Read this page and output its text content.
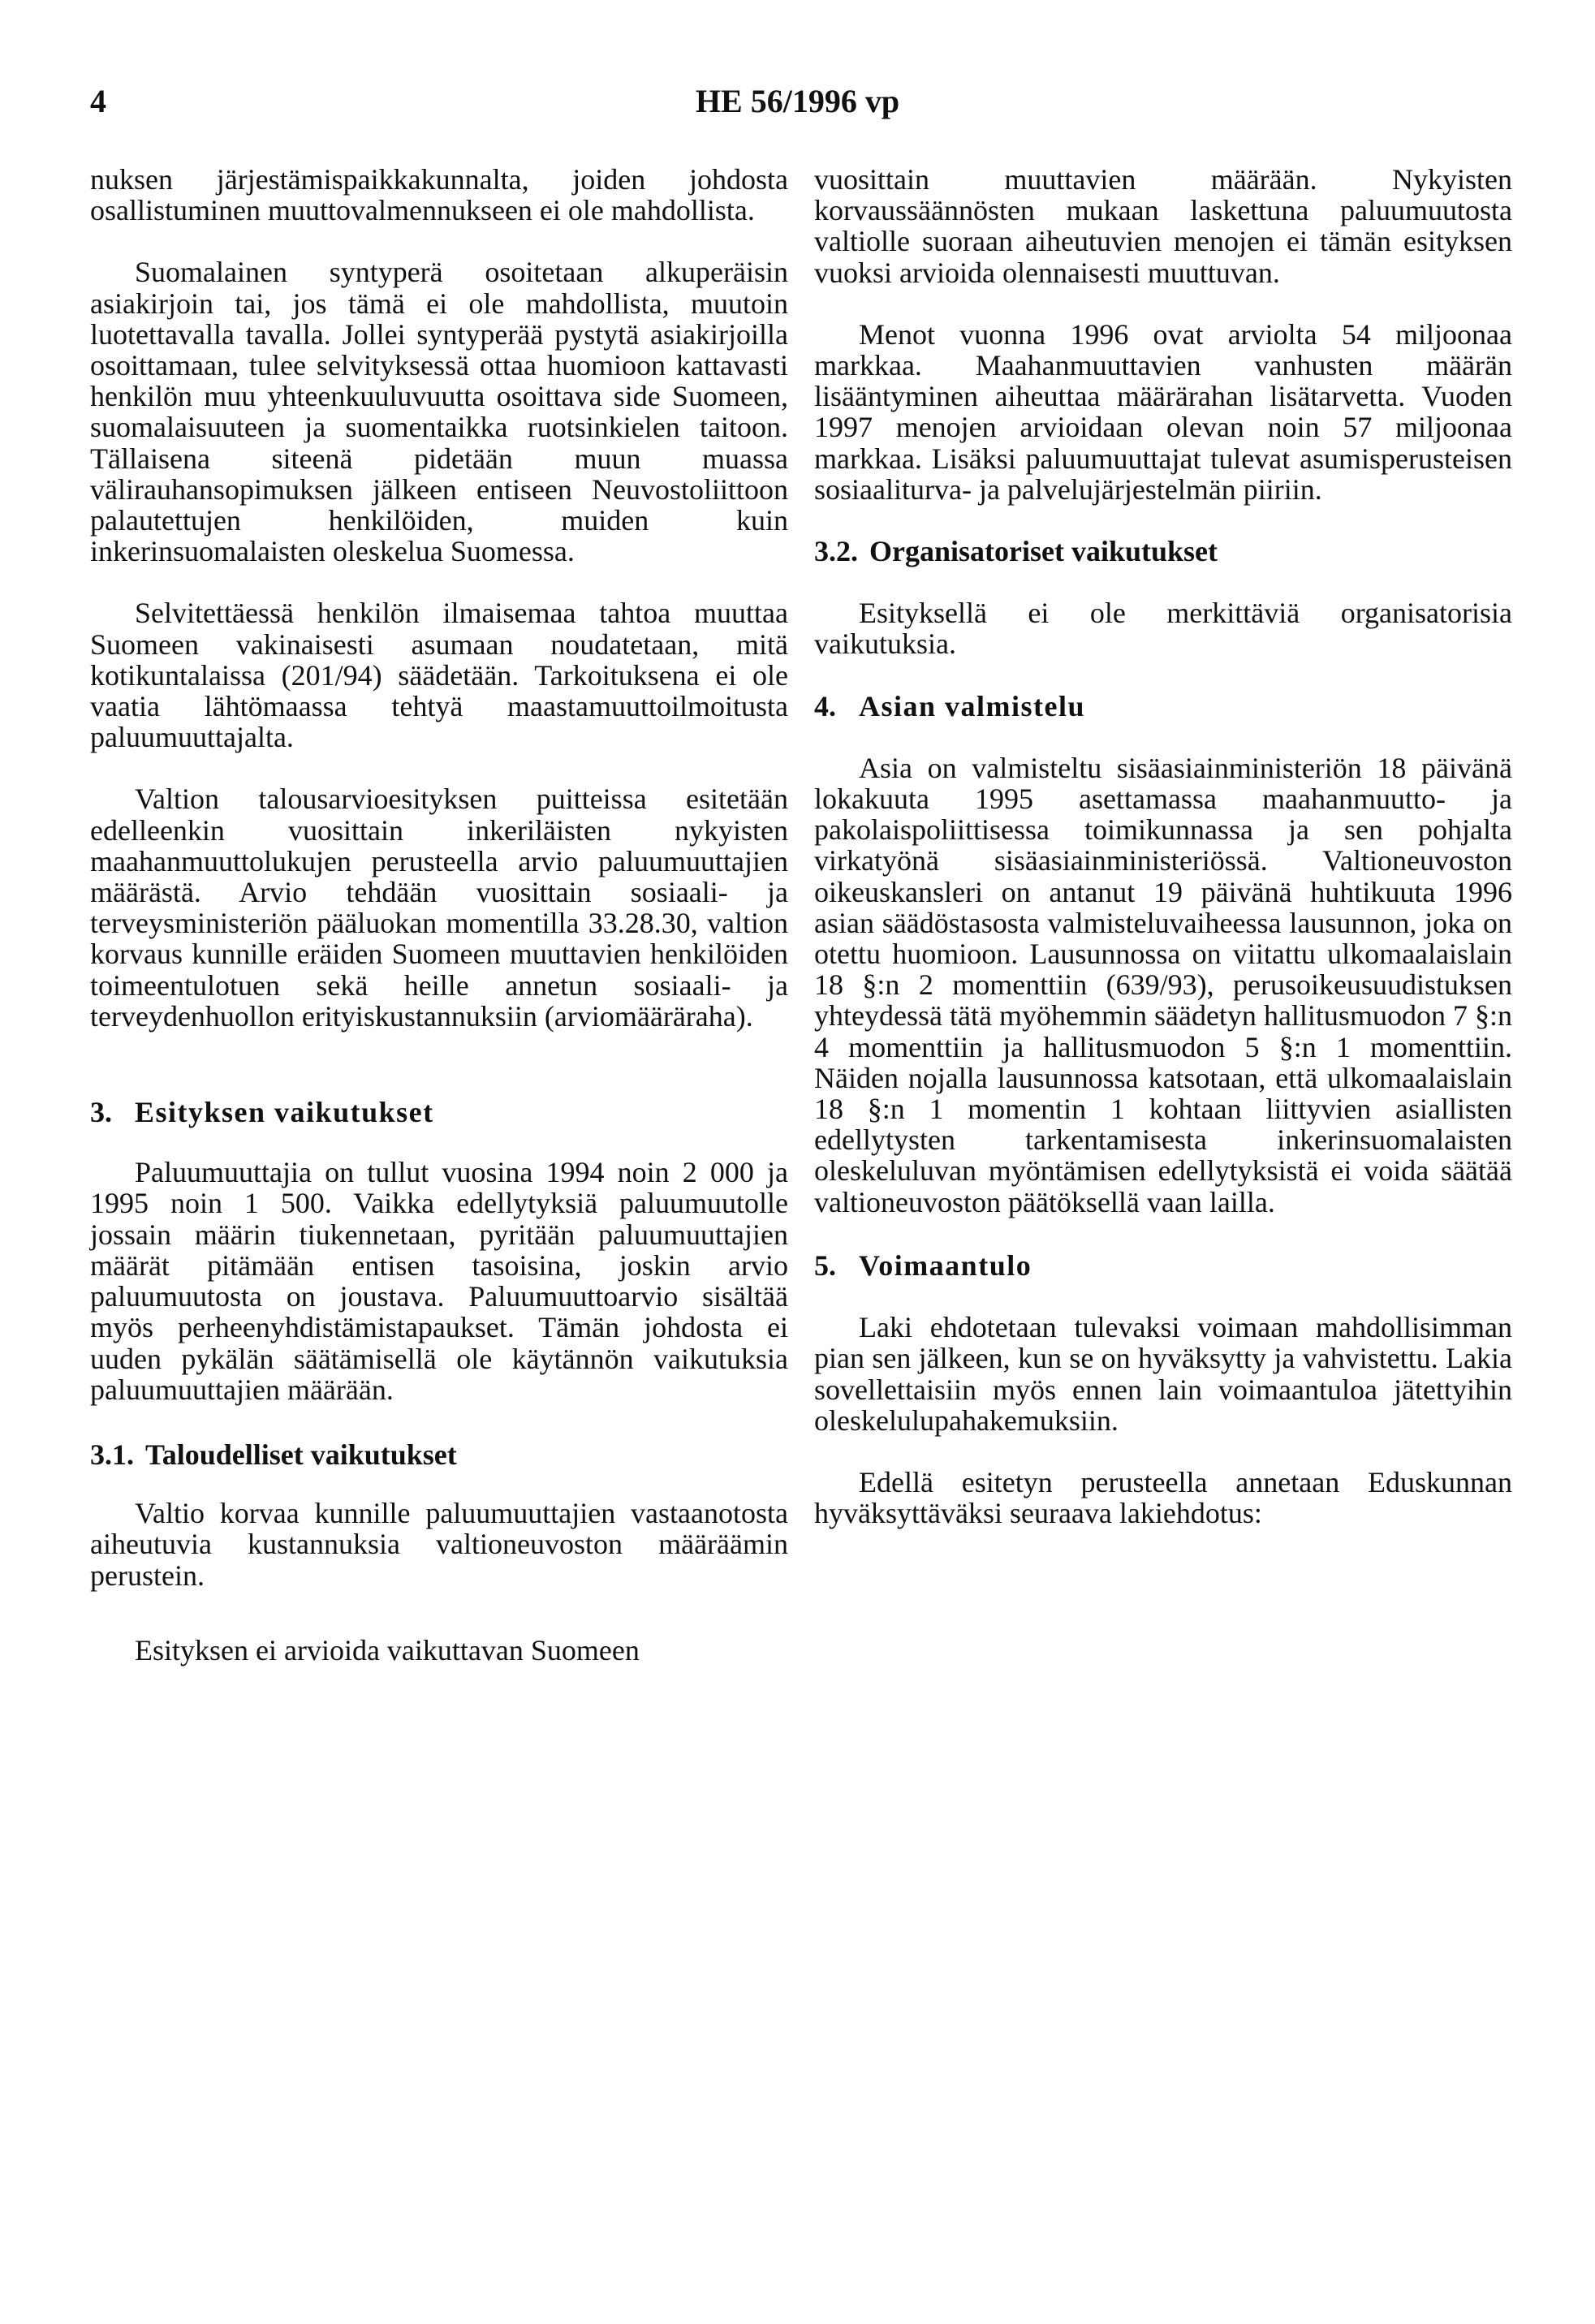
4	HE 56/1996 vp

nuksen järjestämispaikkakunnalta, joiden johdosta osallistuminen muuttovalmennukseen ei ole mahdollista.

Suomalainen syntyperä osoitetaan alkuperäisin asiakirjoin tai, jos tämä ei ole mahdollista, muutoin luotettavalla tavalla. Jollei syntyperää pystytä asiakirjoilla osoittamaan, tulee selvityksessä ottaa huomioon kattavasti henkilön muu yhteenkuuluvuutta osoittava side Suomeen, suomalaisuuteen ja suomentaikka ruotsinkielen taitoon. Tällaisena siteenä pidetään muun muassa välirauhansopimuksen jälkeen entiseen Neuvostoliittoon palautettujen henkilöiden, muiden kuin inkerinsuomalaisten oleskelua Suomessa.

Selvitettäessä henkilön ilmaisemaa tahtoa muuttaa Suomeen vakinaisesti asumaan noudatetaan, mitä kotikuntalaissa (201/94) säädetään. Tarkoituksena ei ole vaatia lähtömaassa tehtyä maastamuuttoilmoitusta paluumuuttajalta.

Valtion talousarvioesityksen puitteissa esitetään edelleenkin vuosittain inkeriläisten nykyisten maahanmuuttolukujen perusteella arvio paluumuuttajien määrästä. Arvio tehdään vuosittain sosiaali- ja terveysministeriön pääluokan momentilla 33.28.30, valtion korvaus kunnille eräiden Suomeen muuttavien henkilöiden toimeentulotuen sekä heille annetun sosiaali- ja terveydenhuollon erityiskustannuksiin (arviomääräraha).

3. Esityksen vaikutukset

Paluumuuttajia on tullut vuosina 1994 noin 2 000 ja 1995 noin 1 500. Vaikka edellytyksiä paluumuutolle jossain määrin tiukennetaan, pyritään paluumuuttajien määrät pitämään entisen tasoisina, joskin arvio paluumuutosta on joustava. Paluumuuttoarvio sisältää myös perheenyhdistämistapaukset. Tämän johdosta ei uuden pykälän säätämisellä ole käytännön vaikutuksia paluumuuttajien määrään.

3.1. Taloudelliset vaikutukset

Valtio korvaa kunnille paluumuuttajien vastaanotosta aiheutuvia kustannuksia valtioneuvoston määräämin perustein.

Esityksen ei arvioida vaikuttavan Suomeen

vuosittain muuttavien määrään. Nykyisten korvaussäännösten mukaan laskettuna paluumuutosta valtiolle suoraan aiheutuvien menojen ei tämän esityksen vuoksi arvioida olennaisesti muuttuvan.

Menot vuonna 1996 ovat arviolta 54 miljoonaa markkaa. Maahanmuuttavien vanhusten määrän lisääntyminen aiheuttaa määrärahan lisätarvetta. Vuoden 1997 menojen arvioidaan olevan noin 57 miljoonaa markkaa. Lisäksi paluumuuttajat tulevat asumisperusteisen sosiaaliturva- ja palvelujärjestelmän piiriin.

3.2. Organisatoriset vaikutukset

Esityksellä ei ole merkittäviä organisatorisia vaikutuksia.

4. Asian valmistelu

Asia on valmisteltu sisäasiainministeriön 18 päivänä lokakuuta 1995 asettamassa maahanmuutto- ja pakolaispoliittisessa toimikunnassa ja sen pohjalta virkatyönä sisäasiainministeriössä. Valtioneuvoston oikeuskansleri on antanut 19 päivänä huhtikuuta 1996 asian säädöstasosta valmisteluvaiheessa lausunnon, joka on otettu huomioon. Lausunnossa on viitattu ulkomaalaislain 18 §:n 2 momenttiin (639/93), perusoikeusuudistuksen yhteydessä tätä myöhemmin säädetyn hallitusmuodon 7 §:n 4 momenttiin ja hallitusmuodon 5 §:n 1 momenttiin. Näiden nojalla lausunnossa katsotaan, että ulkomaalaislain 18 §:n 1 momentin 1 kohtaan liittyvien asiallisten edellytysten tarkentamisesta inkerinsuomalaisten oleskeluluvan myöntämisen edellytyksistä ei voida säätää valtioneuvoston päätöksellä vaan lailla.

5. Voimaantulo

Laki ehdotetaan tulevaksi voimaan mahdollisimman pian sen jälkeen, kun se on hyväksytty ja vahvistettu. Lakia sovellettaisiin myös ennen lain voimaantuloa jätettyihin oleskelulupahakemuksiin.

Edellä esitetyn perusteella annetaan Eduskunnan hyväksyttäväksi seuraava lakiehdotus:
